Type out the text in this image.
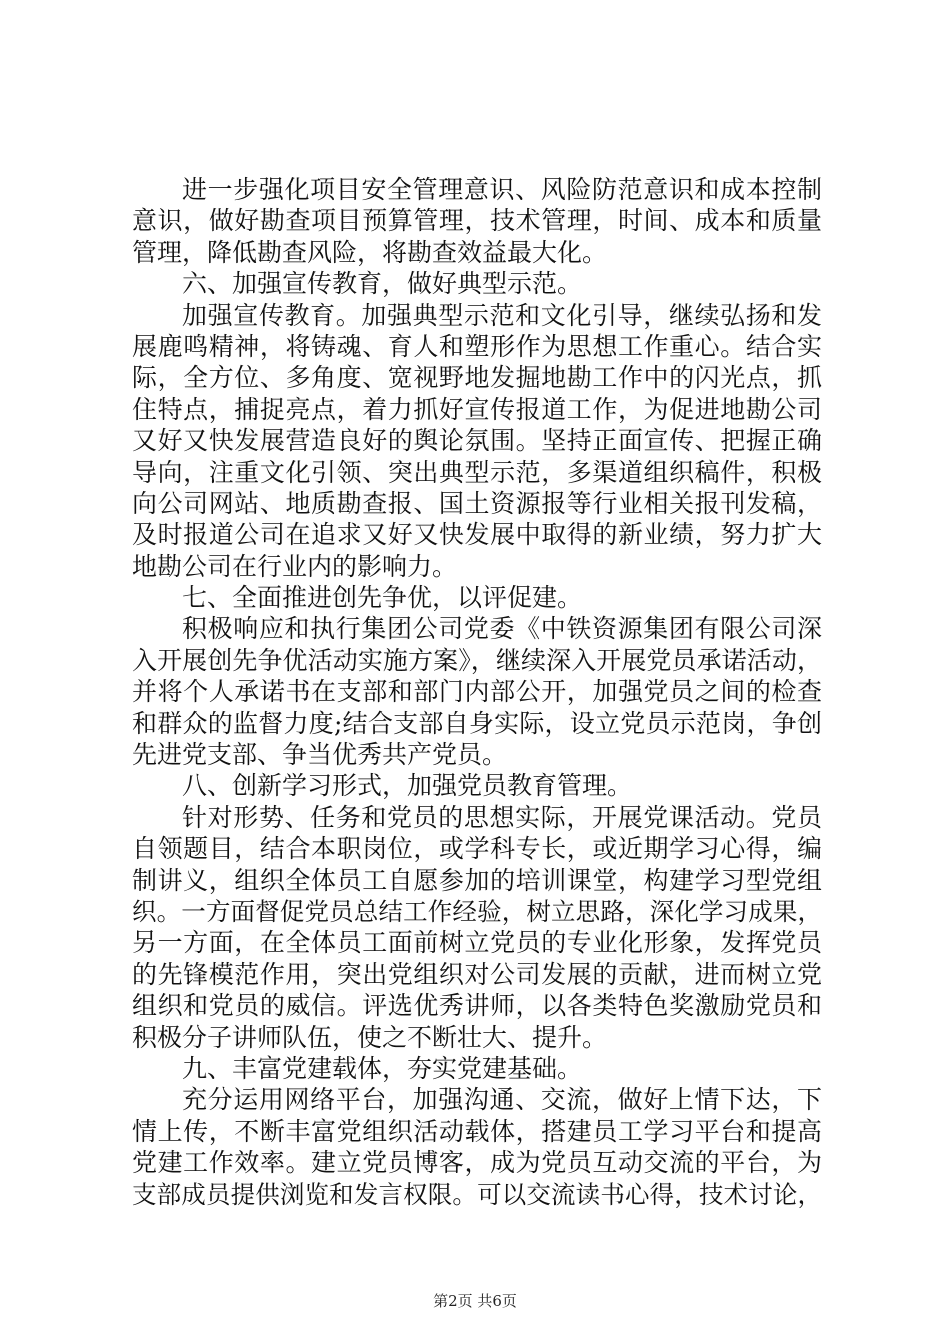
进一步强化项目安全管理意识、风险防范意识和成本控制
意识，做好勘查项目预算管理，技术管理，时间、成本和质量
管理，降低勘查风险，将勘查效益最大化。
六、加强宣传教育，做好典型示范。
加强宣传教育。加强典型示范和文化引导，继续弘扬和发
展鹿鸣精神，将铸魂、育人和塑形作为思想工作重心。结合实
际，全方位、多角度、宽视野地发掘地勘工作中的闪光点，抓
住特点，捕捉亮点，着力抓好宣传报道工作，为促进地勘公司
又好又快发展营造良好的舆论氛围。坚持正面宣传、把握正确
导向，注重文化引领、突出典型示范，多渠道组织稿件，积极
向公司网站、地质勘查报、国土资源报等行业相关报刊发稿，
及时报道公司在追求又好又快发展中取得的新业绩，努力扩大
地勘公司在行业内的影响力。
七、全面推进创先争优，以评促建。
积极响应和执行集团公司党委《中铁资源集团有限公司深
入开展创先争优活动实施方案》，继续深入开展党员承诺活动，
并将个人承诺书在支部和部门内部公开，加强党员之间的检查
和群众的监督力度;结合支部自身实际，设立党员示范岗，争创
先进党支部、争当优秀共产党员。
八、创新学习形式，加强党员教育管理。
针对形势、任务和党员的思想实际，开展党课活动。党员
自领题目，结合本职岗位，或学科专长，或近期学习心得，编
制讲义，组织全体员工自愿参加的培训课堂，构建学习型党组
织。一方面督促党员总结工作经验，树立思路，深化学习成果，
另一方面，在全体员工面前树立党员的专业化形象，发挥党员
的先锋模范作用，突出党组织对公司发展的贡献，进而树立党
组织和党员的威信。评选优秀讲师，以各类特色奖激励党员和
积极分子讲师队伍，使之不断壮大、提升。
九、丰富党建载体，夯实党建基础。
充分运用网络平台，加强沟通、交流，做好上情下达，下
情上传，不断丰富党组织活动载体，搭建员工学习平台和提高
党建工作效率。建立党员博客，成为党员互动交流的平台，为
支部成员提供浏览和发言权限。可以交流读书心得，技术讨论，
第2页 共6页
